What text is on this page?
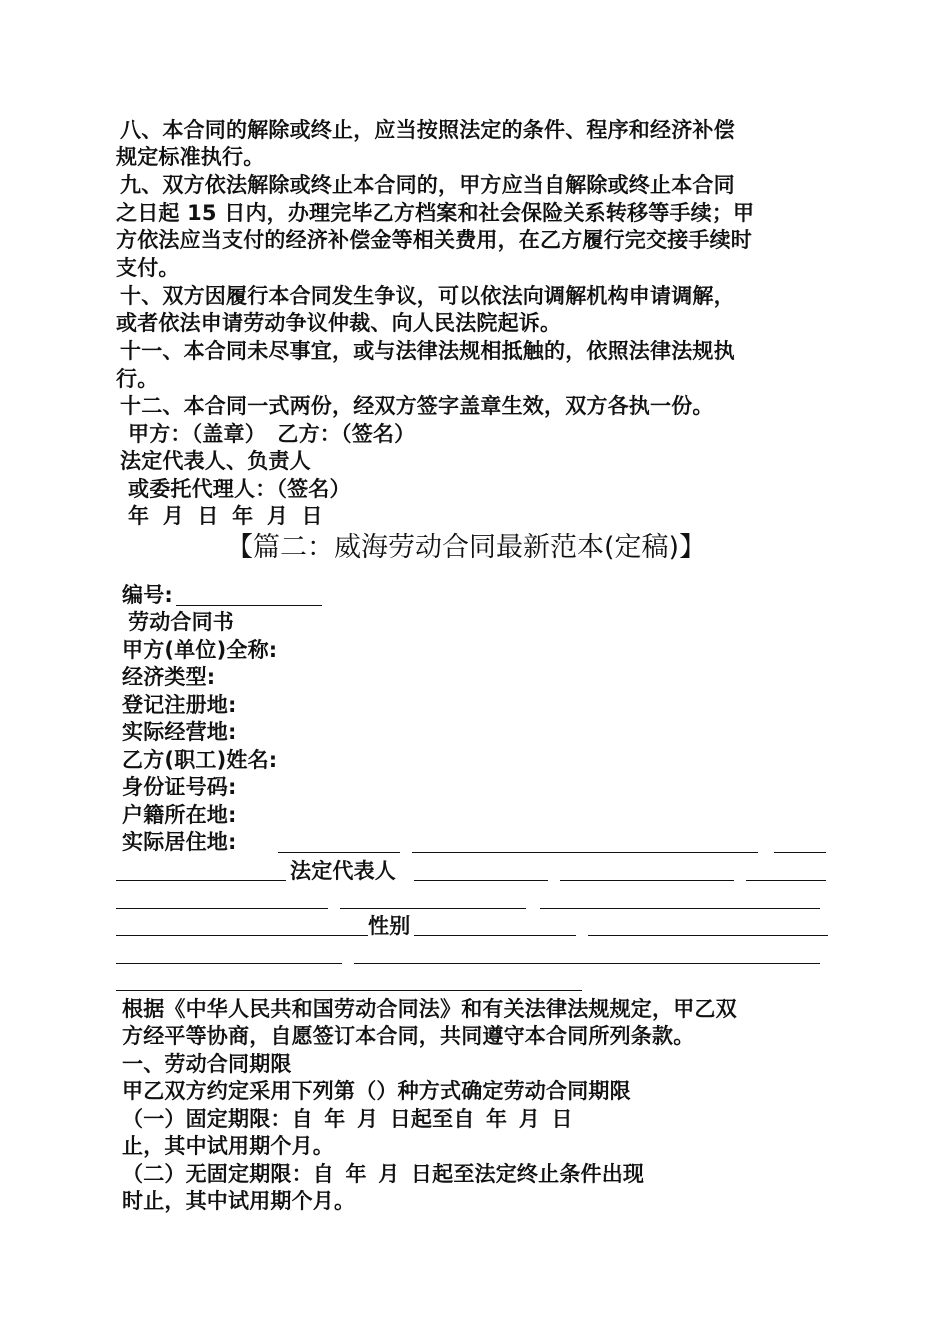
八、本合同的解除或终止，应当按照法定的条件、程序和经济补偿
规定标准执行。
九、双方依法解除或终止本合同的，甲方应当自解除或终止本合同
之日起 15 日内，办理完毕乙方档案和社会保险关系转移等手续；甲
方依法应当支付的经济补偿金等相关费用，在乙方履行完交接手续时
支付。
十、双方因履行本合同发生争议，可以依法向调解机构申请调解，
或者依法申请劳动争议仲裁、向人民法院起诉。
十一、本合同未尽事宜，或与法律法规相抵触的，依照法律法规执
行。
十二、本合同一式两份，经双方签字盖章生效，双方各执一份。
甲方：（盖章） 乙方：（签名）
法定代表人、负责人
或委托代理人：（签名）
年 月 日 年 月 日
【篇二：威海劳动合同最新范本(定稿)】
编号:
劳动合同书
甲方(单位)全称:
经济类型:
登记注册地:
实际经营地:
乙方(职工)姓名:
身份证号码:
户籍所在地:
实际居住地:
法定代表人
性别
根据《中华人民共和国劳动合同法》和有关法律法规规定，甲乙双
方经平等协商，自愿签订本合同，共同遵守本合同所列条款。
一、劳动合同期限
甲乙双方约定采用下列第（）种方式确定劳动合同期限
（一）固定期限：自 年 月 日起至自 年 月 日
止，其中试用期个月。
（二）无固定期限：自 年 月 日起至法定终止条件出现
时止，其中试用期个月。
